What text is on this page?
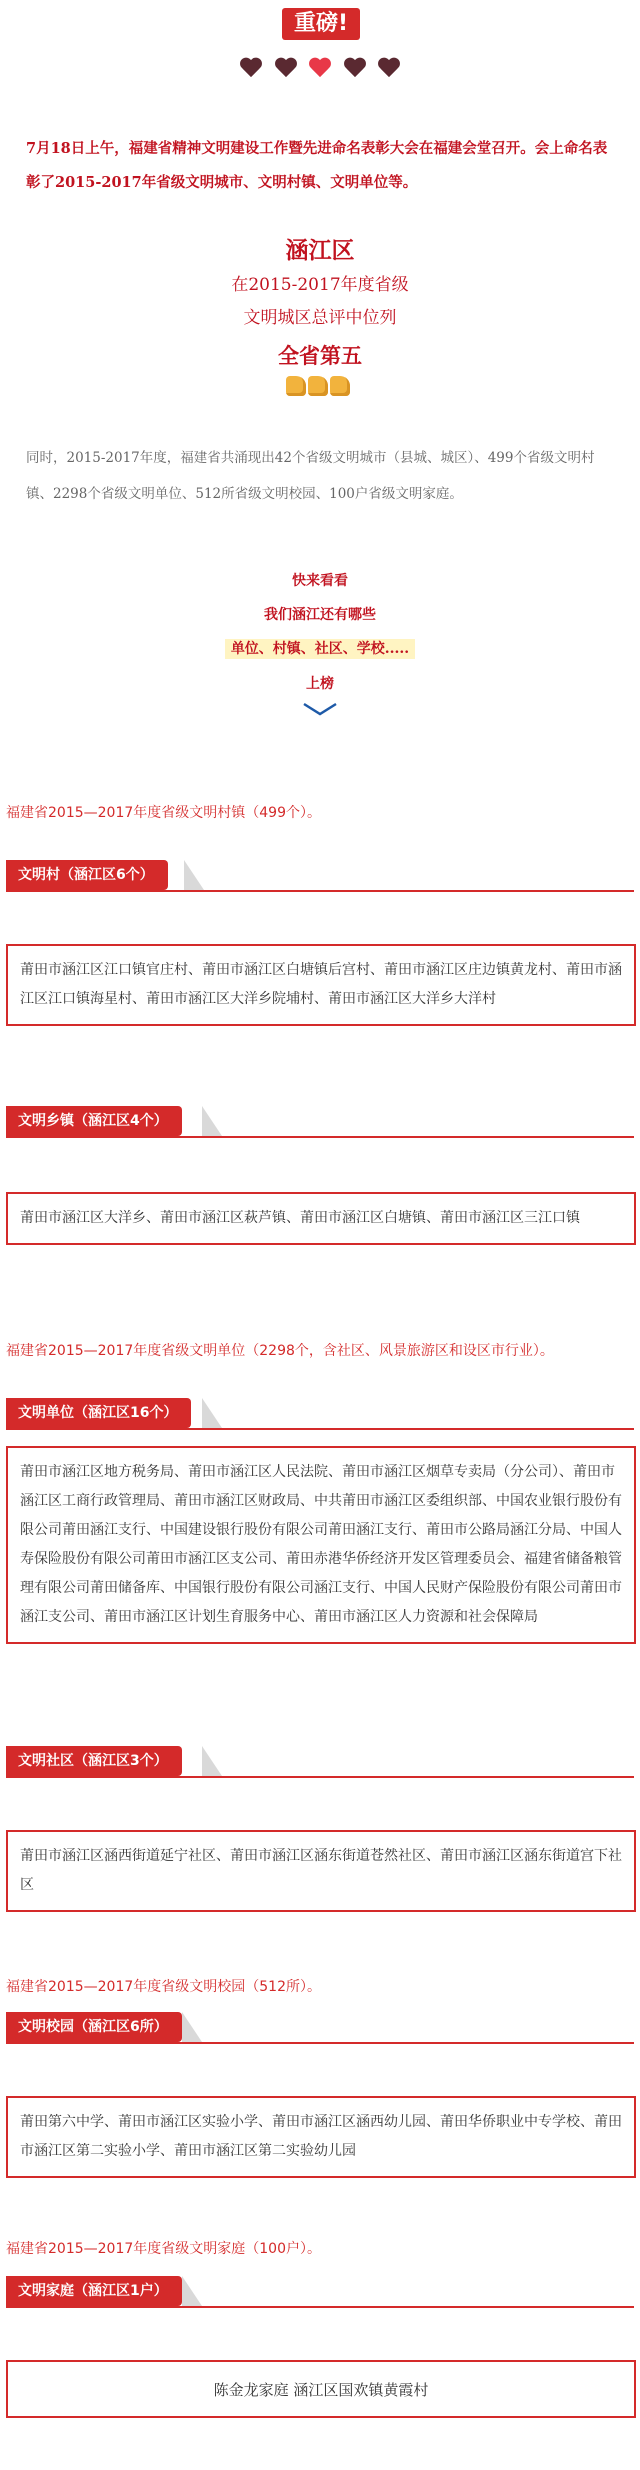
重磅!
7月18日上午，福建省精神文明建设工作暨先进命名表彰大会在福建会堂召开。会上命名表彰了2015-2017年省级文明城市、文明村镇、文明单位等。
涵江区
在2015-2017年度省级
文明城区总评中位列
全省第五
同时，2015-2017年度，福建省共涌现出42个省级文明城市（县城、城区）、499个省级文明村镇、2298个省级文明单位、512所省级文明校园、100户省级文明家庭。
快来看看
我们涵江还有哪些
单位、村镇、社区、学校.....
上榜
福建省2015—2017年度省级文明村镇（499个）。
文明村（涵江区6个）
莆田市涵江区江口镇官庄村、莆田市涵江区白塘镇后宫村、莆田市涵江区庄边镇黄龙村、莆田市涵江区江口镇海星村、莆田市涵江区大洋乡院埔村、莆田市涵江区大洋乡大洋村
文明乡镇（涵江区4个）
莆田市涵江区大洋乡、莆田市涵江区萩芦镇、莆田市涵江区白塘镇、莆田市涵江区三江口镇
福建省2015—2017年度省级文明单位（2298个，含社区、风景旅游区和设区市行业）。
文明单位（涵江区16个）
莆田市涵江区地方税务局、莆田市涵江区人民法院、莆田市涵江区烟草专卖局（分公司）、莆田市涵江区工商行政管理局、莆田市涵江区财政局、中共莆田市涵江区委组织部、中国农业银行股份有限公司莆田涵江支行、中国建设银行股份有限公司莆田涵江支行、莆田市公路局涵江分局、中国人寿保险股份有限公司莆田市涵江区支公司、莆田赤港华侨经济开发区管理委员会、福建省储备粮管理有限公司莆田储备库、中国银行股份有限公司涵江支行、中国人民财产保险股份有限公司莆田市涵江支公司、莆田市涵江区计划生育服务中心、莆田市涵江区人力资源和社会保障局
文明社区（涵江区3个）
莆田市涵江区涵西街道延宁社区、莆田市涵江区涵东街道苍然社区、莆田市涵江区涵东街道宫下社区
福建省2015—2017年度省级文明校园（512所）。
文明校园（涵江区6所）
莆田第六中学、莆田市涵江区实验小学、莆田市涵江区涵西幼儿园、莆田华侨职业中专学校、莆田市涵江区第二实验小学、莆田市涵江区第二实验幼儿园
福建省2015—2017年度省级文明家庭（100户）。
文明家庭（涵江区1户）
陈金龙家庭 涵江区国欢镇黄霞村
